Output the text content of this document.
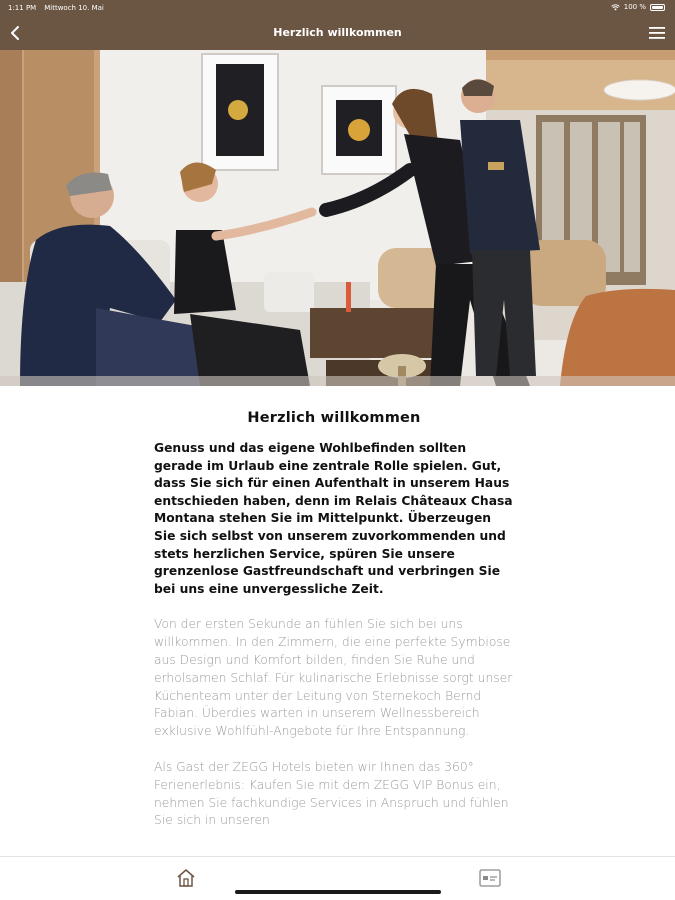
1:11 PM Mittwoch 10. Mai	100 %
Herzlich willkommen
Herzlich willkommen

Genuss und das eigene Wohlbefinden sollten gerade im Urlaub eine zentrale Rolle spielen. Gut, dass Sie sich für einen Aufenthalt in unserem Haus entschieden haben, denn im Relais Châteaux Chasa Montana stehen Sie im Mittelpunkt. Überzeugen Sie sich selbst von unserem zuvorkommenden und stets herzlichen Service, spüren Sie unsere grenzenlose Gastfreundschaft und verbringen Sie bei uns eine unvergessliche Zeit.

Von der ersten Sekunde an fühlen Sie sich bei uns willkommen. In den Zimmern, die eine perfekte Symbiose aus Design und Komfort bilden, finden Sie Ruhe und erholsamen Schlaf. Für kulinarische Erlebnisse sorgt unser Küchenteam unter der Leitung von Sternekoch Bernd Fabian. Überdies warten in unserem Wellnessbereich exklusive Wohlfühl-Angebote für Ihre Entspannung.

Als Gast der ZEGG Hotels bieten wir Ihnen das 360° Ferienerlebnis: Kaufen Sie mit dem ZEGG VIP Bonus ein, nehmen Sie fachkundige Services in Anspruch und fühlen Sie sich in unseren
